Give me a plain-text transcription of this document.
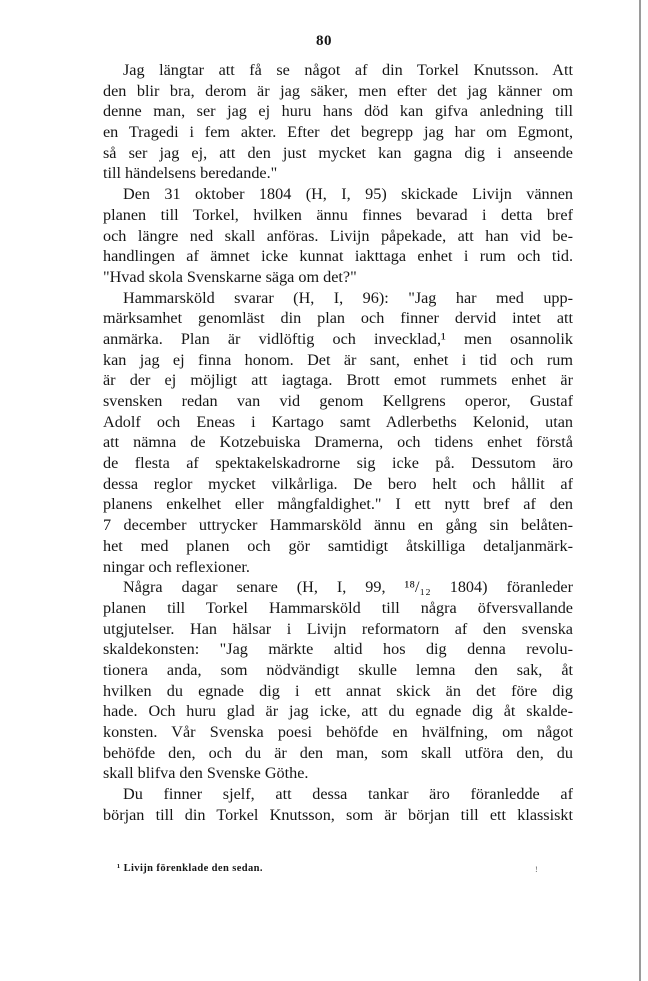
80
Jag längtar att få se något af din Torkel Knutsson. Att
den blir bra, derom är jag säker, men efter det jag känner om
denne man, ser jag ej huru hans död kan gifva anledning till
en Tragedi i fem akter. Efter det begrepp jag har om Egmont,
så ser jag ej, att den just mycket kan gagna dig i anseende
till händelsens beredande."
Den 31 oktober 1804 (H, I, 95) skickade Livijn vännen
planen till Torkel, hvilken ännu finnes bevarad i detta bref
och längre ned skall anföras. Livijn påpekade, att han vid be-
handlingen af ämnet icke kunnat iakttaga enhet i rum och tid.
"Hvad skola Svenskarne säga om det?"
Hammarsköld svarar (H, I, 96): "Jag har med upp-
märksamhet genomläst din plan och finner dervid intet att
anmärka. Plan är vidlöftig och invecklad,¹ men osannolik
kan jag ej finna honom. Det är sant, enhet i tid och rum
är der ej möjligt att iagtaga. Brott emot rummets enhet är
svensken redan van vid genom Kellgrens operor, Gustaf
Adolf och Eneas i Kartago samt Adlerbeths Kelonid, utan
att nämna de Kotzebuiska Dramerna, och tidens enhet förstå
de flesta af spektakelskadrorne sig icke på. Dessutom äro
dessa reglor mycket vilkårliga. De bero helt och hållit af
planens enkelhet eller mångfaldighet." I ett nytt bref af den
7 december uttrycker Hammarsköld ännu en gång sin belåten-
het med planen och gör samtidigt åtskilliga detaljanmärk-
ningar och reflexioner.
Några dagar senare (H, I, 99, ¹⁸/₁₂ 1804) föranleder
planen till Torkel Hammarsköld till några öfversvallande
utgjutelser. Han hälsar i Livijn reformatorn af den svenska
skaldekonsten: "Jag märkte altid hos dig denna revolu-
tionera anda, som nödvändigt skulle lemna den sak, åt
hvilken du egnade dig i ett annat skick än det före dig
hade. Och huru glad är jag icke, att du egnade dig åt skalde-
konsten. Vår Svenska poesi behöfde en hvälfning, om något
behöfde den, och du är den man, som skall utföra den, du
skall blifva den Svenske Göthe.
Du finner sjelf, att dessa tankar äro föranledde af
början till din Torkel Knutsson, som är början till ett klassiskt
¹ Livijn förenklade den sedan.	!
